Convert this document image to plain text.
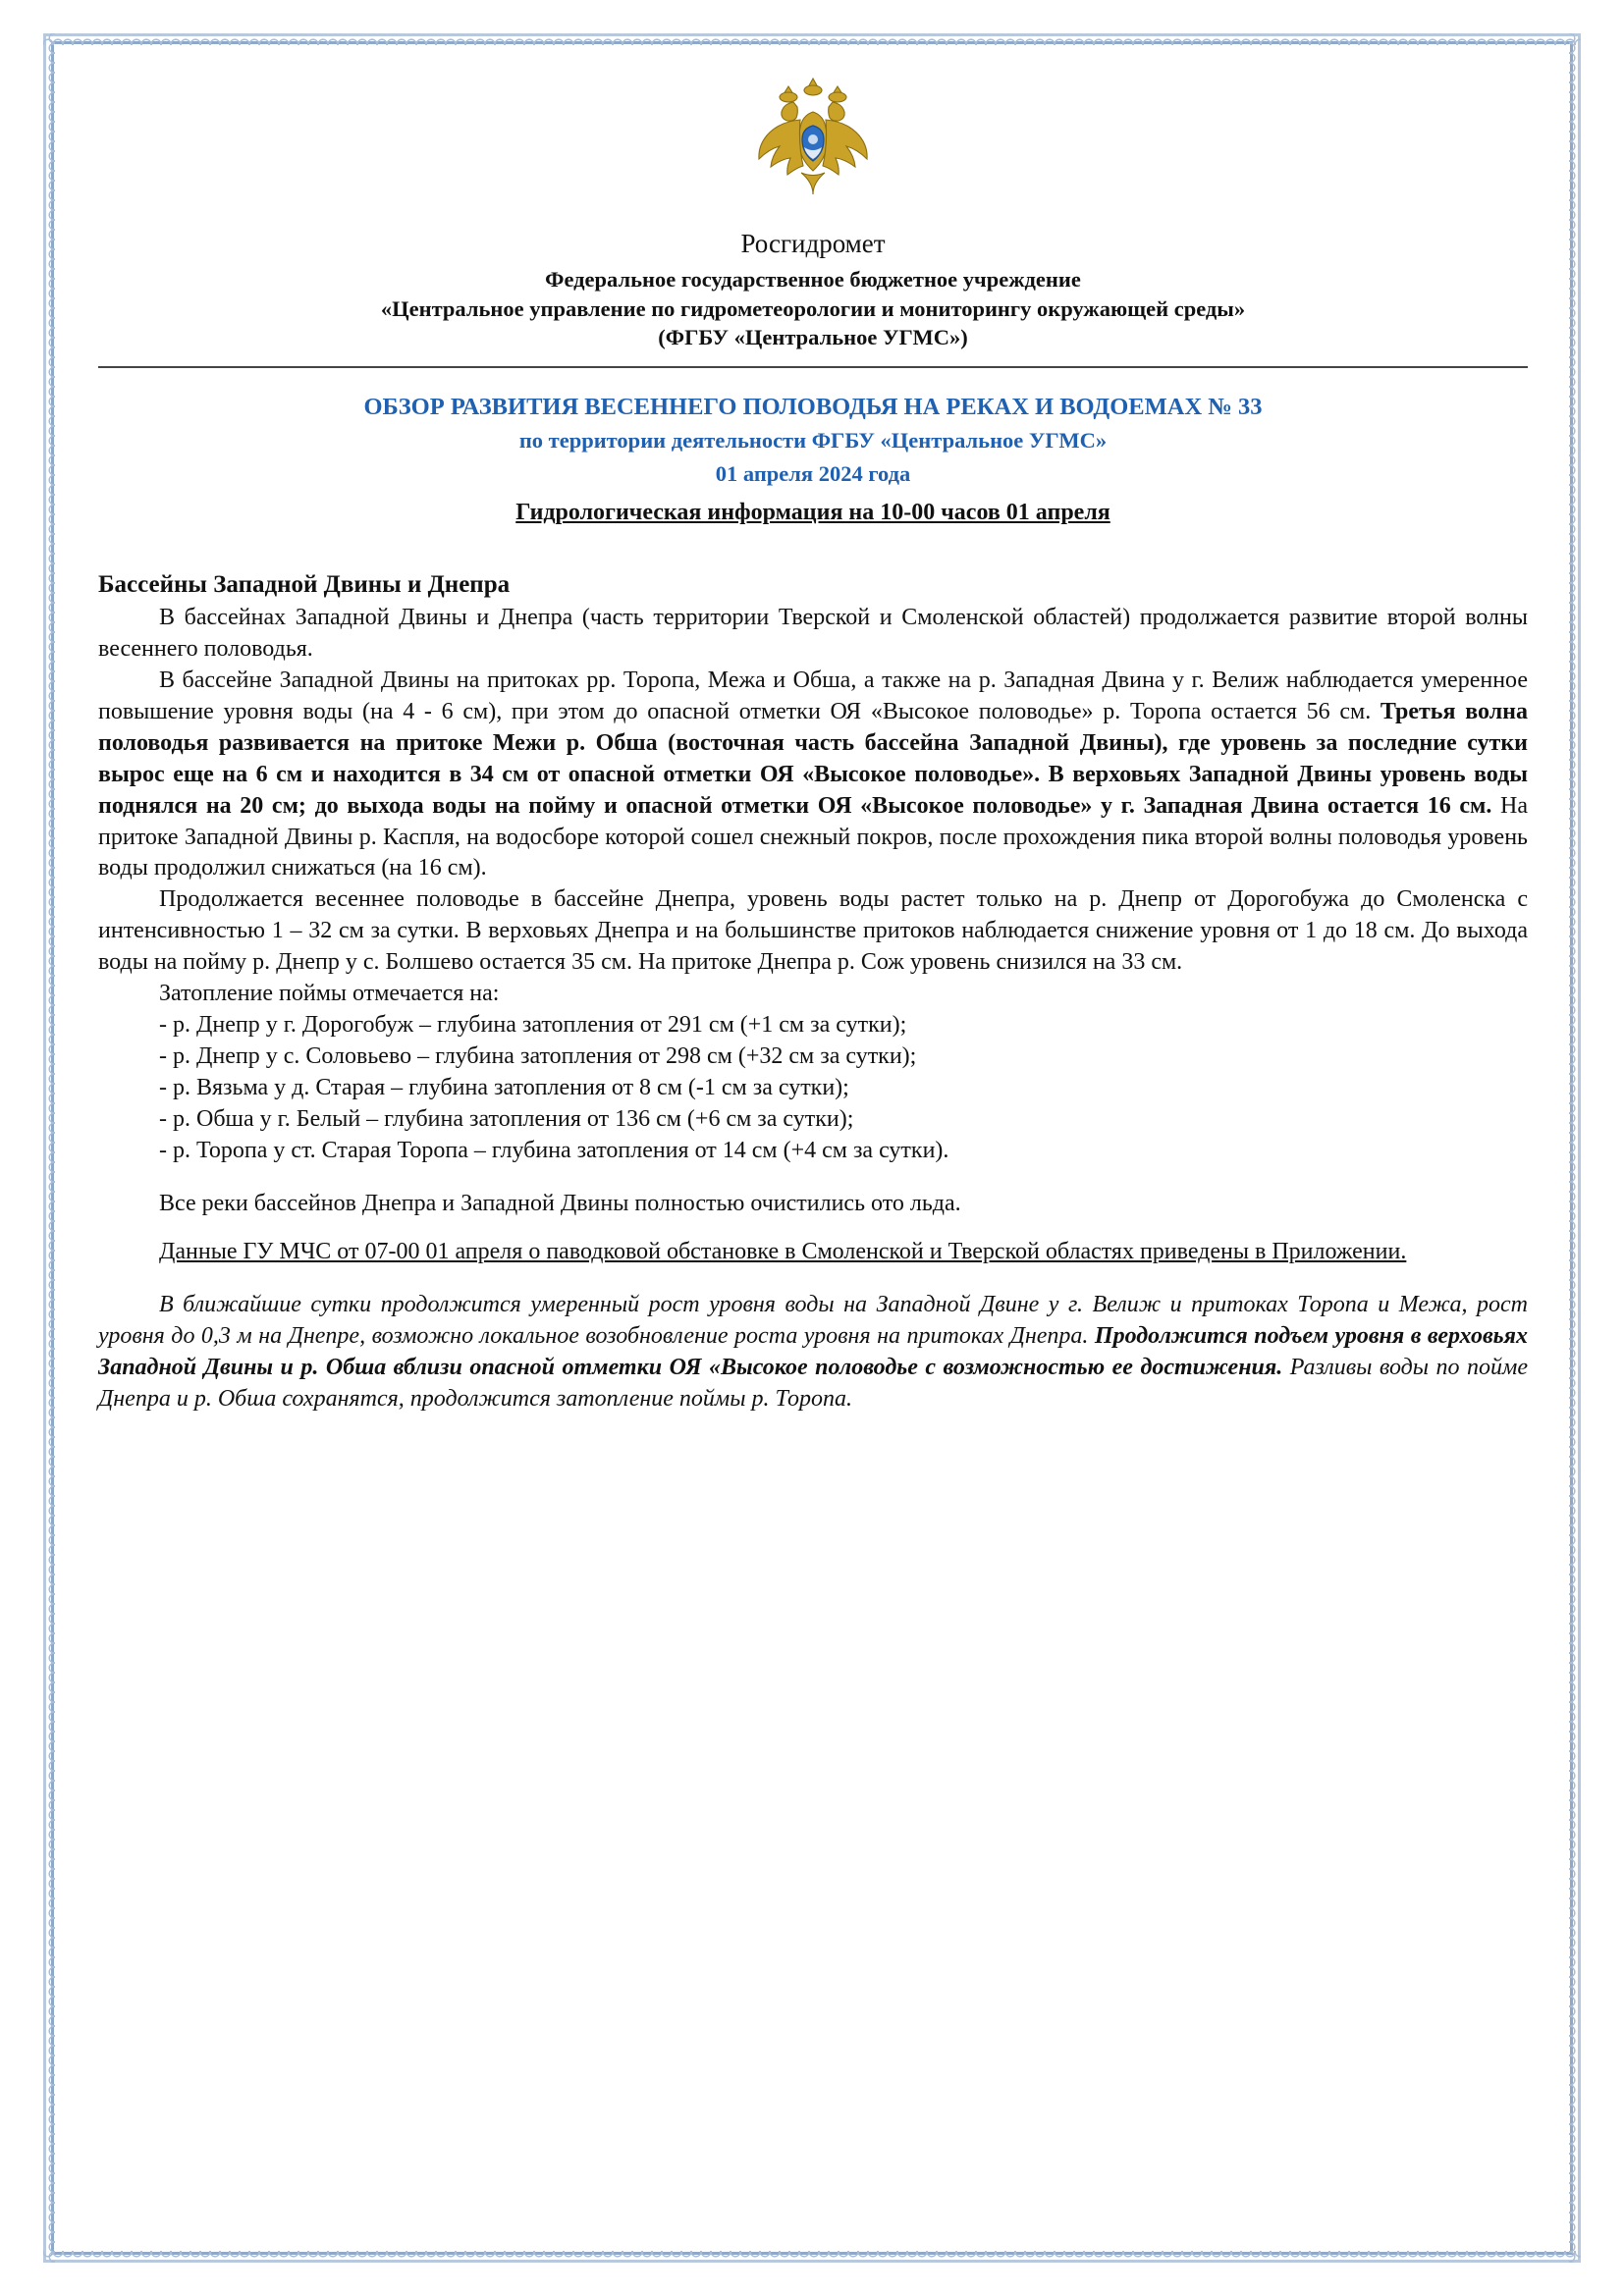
Росгидромет
Федеральное государственное бюджетное учреждение
«Центральное управление по гидрометеорологии и мониторингу окружающей среды»
(ФГБУ «Центральное УГМС»)
ОБЗОР РАЗВИТИЯ ВЕСЕННЕГО ПОЛОВОДЬЯ НА РЕКАХ И ВОДОЕМАХ № 33
по территории деятельности ФГБУ «Центральное УГМС»
01 апреля 2024 года
Гидрологическая информация на 10-00 часов 01 апреля
Бассейны Западной Двины и Днепра

В бассейнах Западной Двины и Днепра (часть территории Тверской и Смоленской областей) продолжается развитие второй волны весеннего половодья.

В бассейне Западной Двины на притоках рр. Торопа, Межа и Обша, а также на р. Западная Двина у г. Велиж наблюдается умеренное повышение уровня воды (на 4 - 6 см), при этом до опасной отметки ОЯ «Высокое половодье» р. Торопа остается 56 см. Третья волна половодья развивается на притоке Межи р. Обша (восточная часть бассейна Западной Двины), где уровень за последние сутки вырос еще на 6 см и находится в 34 см от опасной отметки ОЯ «Высокое половодье». В верховьях Западной Двины уровень воды поднялся на 20 см; до выхода воды на пойму и опасной отметки ОЯ «Высокое половодье» у г. Западная Двина остается 16 см. На притоке Западной Двины р. Каспля, на водосборе которой сошел снежный покров, после прохождения пика второй волны половодья уровень воды продолжил снижаться (на 16 см).

Продолжается весеннее половодье в бассейне Днепра, уровень воды растет только на р. Днепр от Дорогобужа до Смоленска с интенсивностью 1 – 32 см за сутки. В верховьях Днепра и на большинстве притоков наблюдается снижение уровня от 1 до 18 см. До выхода воды на пойму р. Днепр у с. Болшево остается 35 см. На притоке Днепра р. Сож уровень снизился на 33 см.

Затопление поймы отмечается на:

- р. Днепр у г. Дорогобуж – глубина затопления от 291 см (+1 см за сутки);

- р. Днепр у с. Соловьево – глубина затопления от 298 см (+32 см за сутки);

- р. Вязьма у д. Старая – глубина затопления от 8 см (-1 см за сутки);

- р. Обша у г. Белый – глубина затопления от 136 см (+6 см за сутки);

- р. Торопа у ст. Старая Торопа – глубина затопления от 14 см (+4 см за сутки).

Все реки бассейнов Днепра и Западной Двины полностью очистились ото льда.

Данные ГУ МЧС от 07-00 01 апреля о паводковой обстановке в Смоленской и Тверской областях приведены в Приложении.

В ближайшие сутки продолжится умеренный рост уровня воды на Западной Двине у г. Велиж и притоках Торопа и Межа, рост уровня до 0,3 м на Днепре, возможно локальное возобновление роста уровня на притоках Днепра. Продолжится подъем уровня в верховьях Западной Двины и р. Обша вблизи опасной отметки ОЯ «Высокое половодье с возможностью ее достижения. Разливы воды по пойме Днепра и р. Обша сохранятся, продолжится затопление поймы р. Торопа.
